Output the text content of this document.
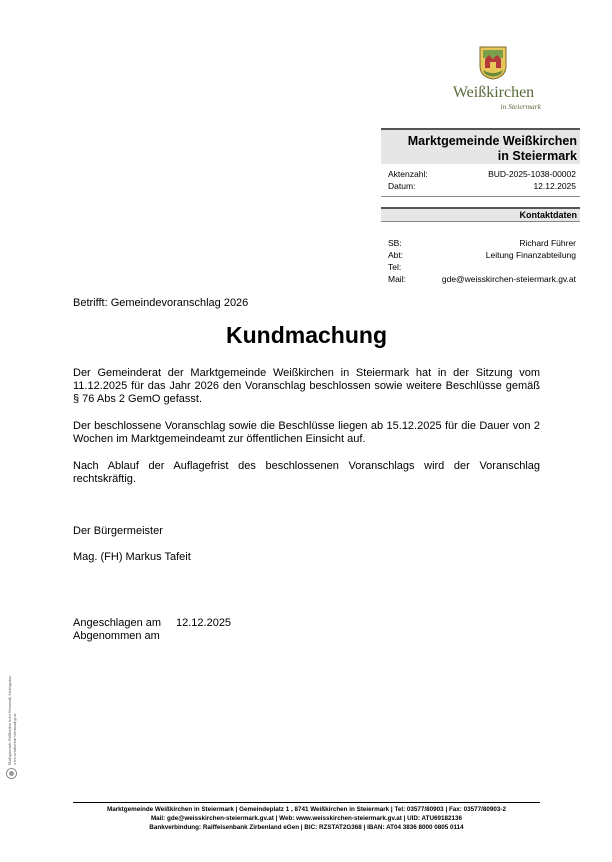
Weißkirchen
in Steiermark
Marktgemeinde Weißkirchen
in Steiermark
Aktenzahl:	BUD-2025-1038-00002
Datum:	12.12.2025
Kontaktdaten
SB:	Richard Führer
Abt:	Leitung Finanzabteilung
Tel:
Mail:	gde@weisskirchen-steiermark.gv.at
Betrifft: Gemeindevoranschlag 2026
Kundmachung
Der Gemeinderat der Marktgemeinde Weißkirchen in Steiermark hat in der Sitzung vom 11.12.2025 für das Jahr 2026 den Voranschlag beschlossen sowie weitere Beschlüsse gemäß § 76 Abs 2 GemO gefasst.
Der beschlossene Voranschlag sowie die Beschlüsse liegen ab 15.12.2025 für die Dauer von 2 Wochen im Marktgemeindeamt zur öffentlichen Einsicht auf.
Nach Ablauf der Auflagefrist des beschlossenen Voranschlags wird der Voranschlag rechtskräftig.
Der Bürgermeister
Mag. (FH) Markus Tafeit
Angeschlagen am 12.12.2025
Abgenommen am
Marktgemeinde Weißkirchen in der Steiermark, Amtssignatur, www.weisskirchen-steiermark.gv.at
Marktgemeinde Weißkirchen in Steiermark | Gemeindeplatz 1 , 8741 Weißkirchen in Steiermark | Tel: 03577/80903 | Fax: 03577/80903-2
Mail: gde@weisskirchen-steiermark.gv.at | Web: www.weisskirchen-steiermark.gv.at | UID: ATU69182136
Bankverbindung: Raiffeisenbank Zirbenland eGen | BIC: RZSTAT2G368 | IBAN: AT04 3836 8000 0805 0114
